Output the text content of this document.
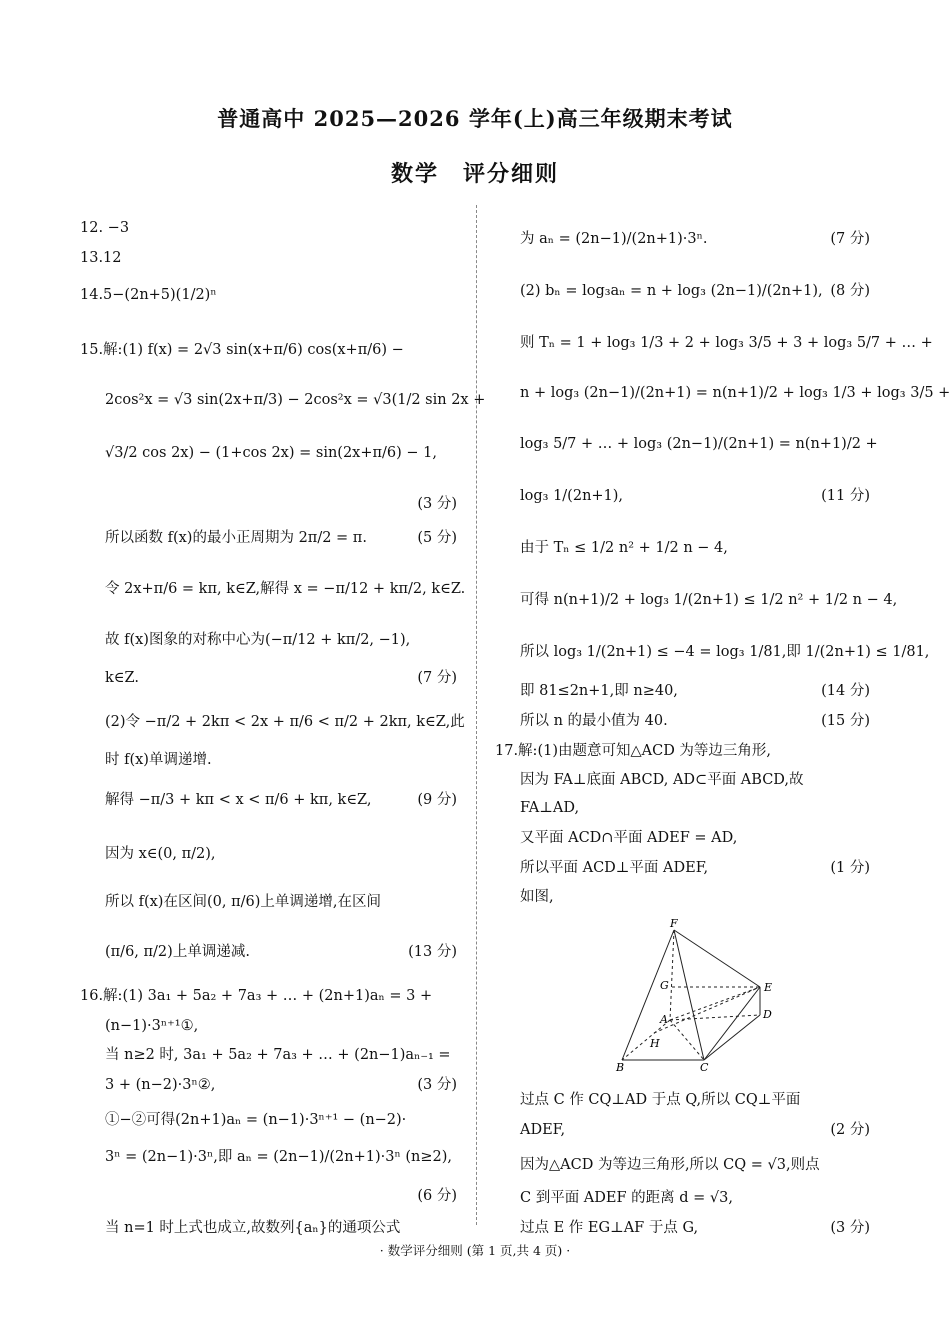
普通高中 2025—2026 学年(上)高三年级期末考试
数学　评分细则
12. −3
13.12
14.5−(2n+5)(1/2)ⁿ
15.解:(1) f(x) = 2√3 sin(x+π/6) cos(x+π/6) −
2cos²x = √3 sin(2x+π/3) − 2cos²x = √3(1/2 sin 2x +
√3/2 cos 2x) − (1+cos 2x) = sin(2x+π/6) − 1,
(3 分)
所以函数 f(x)的最小正周期为 2π/2 = π.	(5 分)
令 2x+π/6 = kπ, k∈Z,解得 x = −π/12 + kπ/2, k∈Z.
故 f(x)图象的对称中心为(−π/12 + kπ/2, −1),
k∈Z.	(7 分)
(2)令 −π/2 + 2kπ < 2x + π/6 < π/2 + 2kπ, k∈Z,此
时 f(x)单调递增.
解得 −π/3 + kπ < x < π/6 + kπ, k∈Z,	(9 分)
因为 x∈(0, π/2),
所以 f(x)在区间(0, π/6)上单调递增,在区间
(π/6, π/2)上单调递减.	(13 分)
16.解:(1) 3a₁ + 5a₂ + 7a₃ + … + (2n+1)aₙ = 3 +
(n−1)·3ⁿ⁺¹①,
当 n≥2 时, 3a₁ + 5a₂ + 7a₃ + … + (2n−1)aₙ₋₁ =
3 + (n−2)·3ⁿ②,	(3 分)
①−②可得(2n+1)aₙ = (n−1)·3ⁿ⁺¹ − (n−2)·
3ⁿ = (2n−1)·3ⁿ,即 aₙ = (2n−1)/(2n+1)·3ⁿ (n≥2),
(6 分)
当 n=1 时上式也成立,故数列{aₙ}的通项公式
为 aₙ = (2n−1)/(2n+1)·3ⁿ.	(7 分)
(2) bₙ = log₃aₙ = n + log₃ (2n−1)/(2n+1), (8 分)
则 Tₙ = 1 + log₃ 1/3 + 2 + log₃ 3/5 + 3 + log₃ 5/7 + … +
n + log₃ (2n−1)/(2n+1) = n(n+1)/2 + log₃ 1/3 + log₃ 3/5 +
log₃ 5/7 + … + log₃ (2n−1)/(2n+1) = n(n+1)/2 +
log₃ 1/(2n+1),	(11 分)
由于 Tₙ ≤ 1/2 n² + 1/2 n − 4,
可得 n(n+1)/2 + log₃ 1/(2n+1) ≤ 1/2 n² + 1/2 n − 4,
所以 log₃ 1/(2n+1) ≤ −4 = log₃ 1/81,即 1/(2n+1) ≤ 1/81,
即 81≤2n+1,即 n≥40,	(14 分)
所以 n 的最小值为 40.	(15 分)
17.解:(1)由题意可知△ACD 为等边三角形,
因为 FA⊥底面 ABCD, AD⊂平面 ABCD,故
FA⊥AD,
又平面 ACD∩平面 ADEF = AD,
所以平面 ACD⊥平面 ADEF,	(1 分)
如图,
过点 C 作 CQ⊥AD 于点 Q,所以 CQ⊥平面
ADEF,	(2 分)
因为△ACD 为等边三角形,所以 CQ = √3,则点
C 到平面 ADEF 的距离 d = √3,
过点 E 作 EG⊥AF 于点 G,	(3 分)
F
G	E
A	D
H
B	C
· 数学评分细则 (第 1 页,共 4 页) ·
